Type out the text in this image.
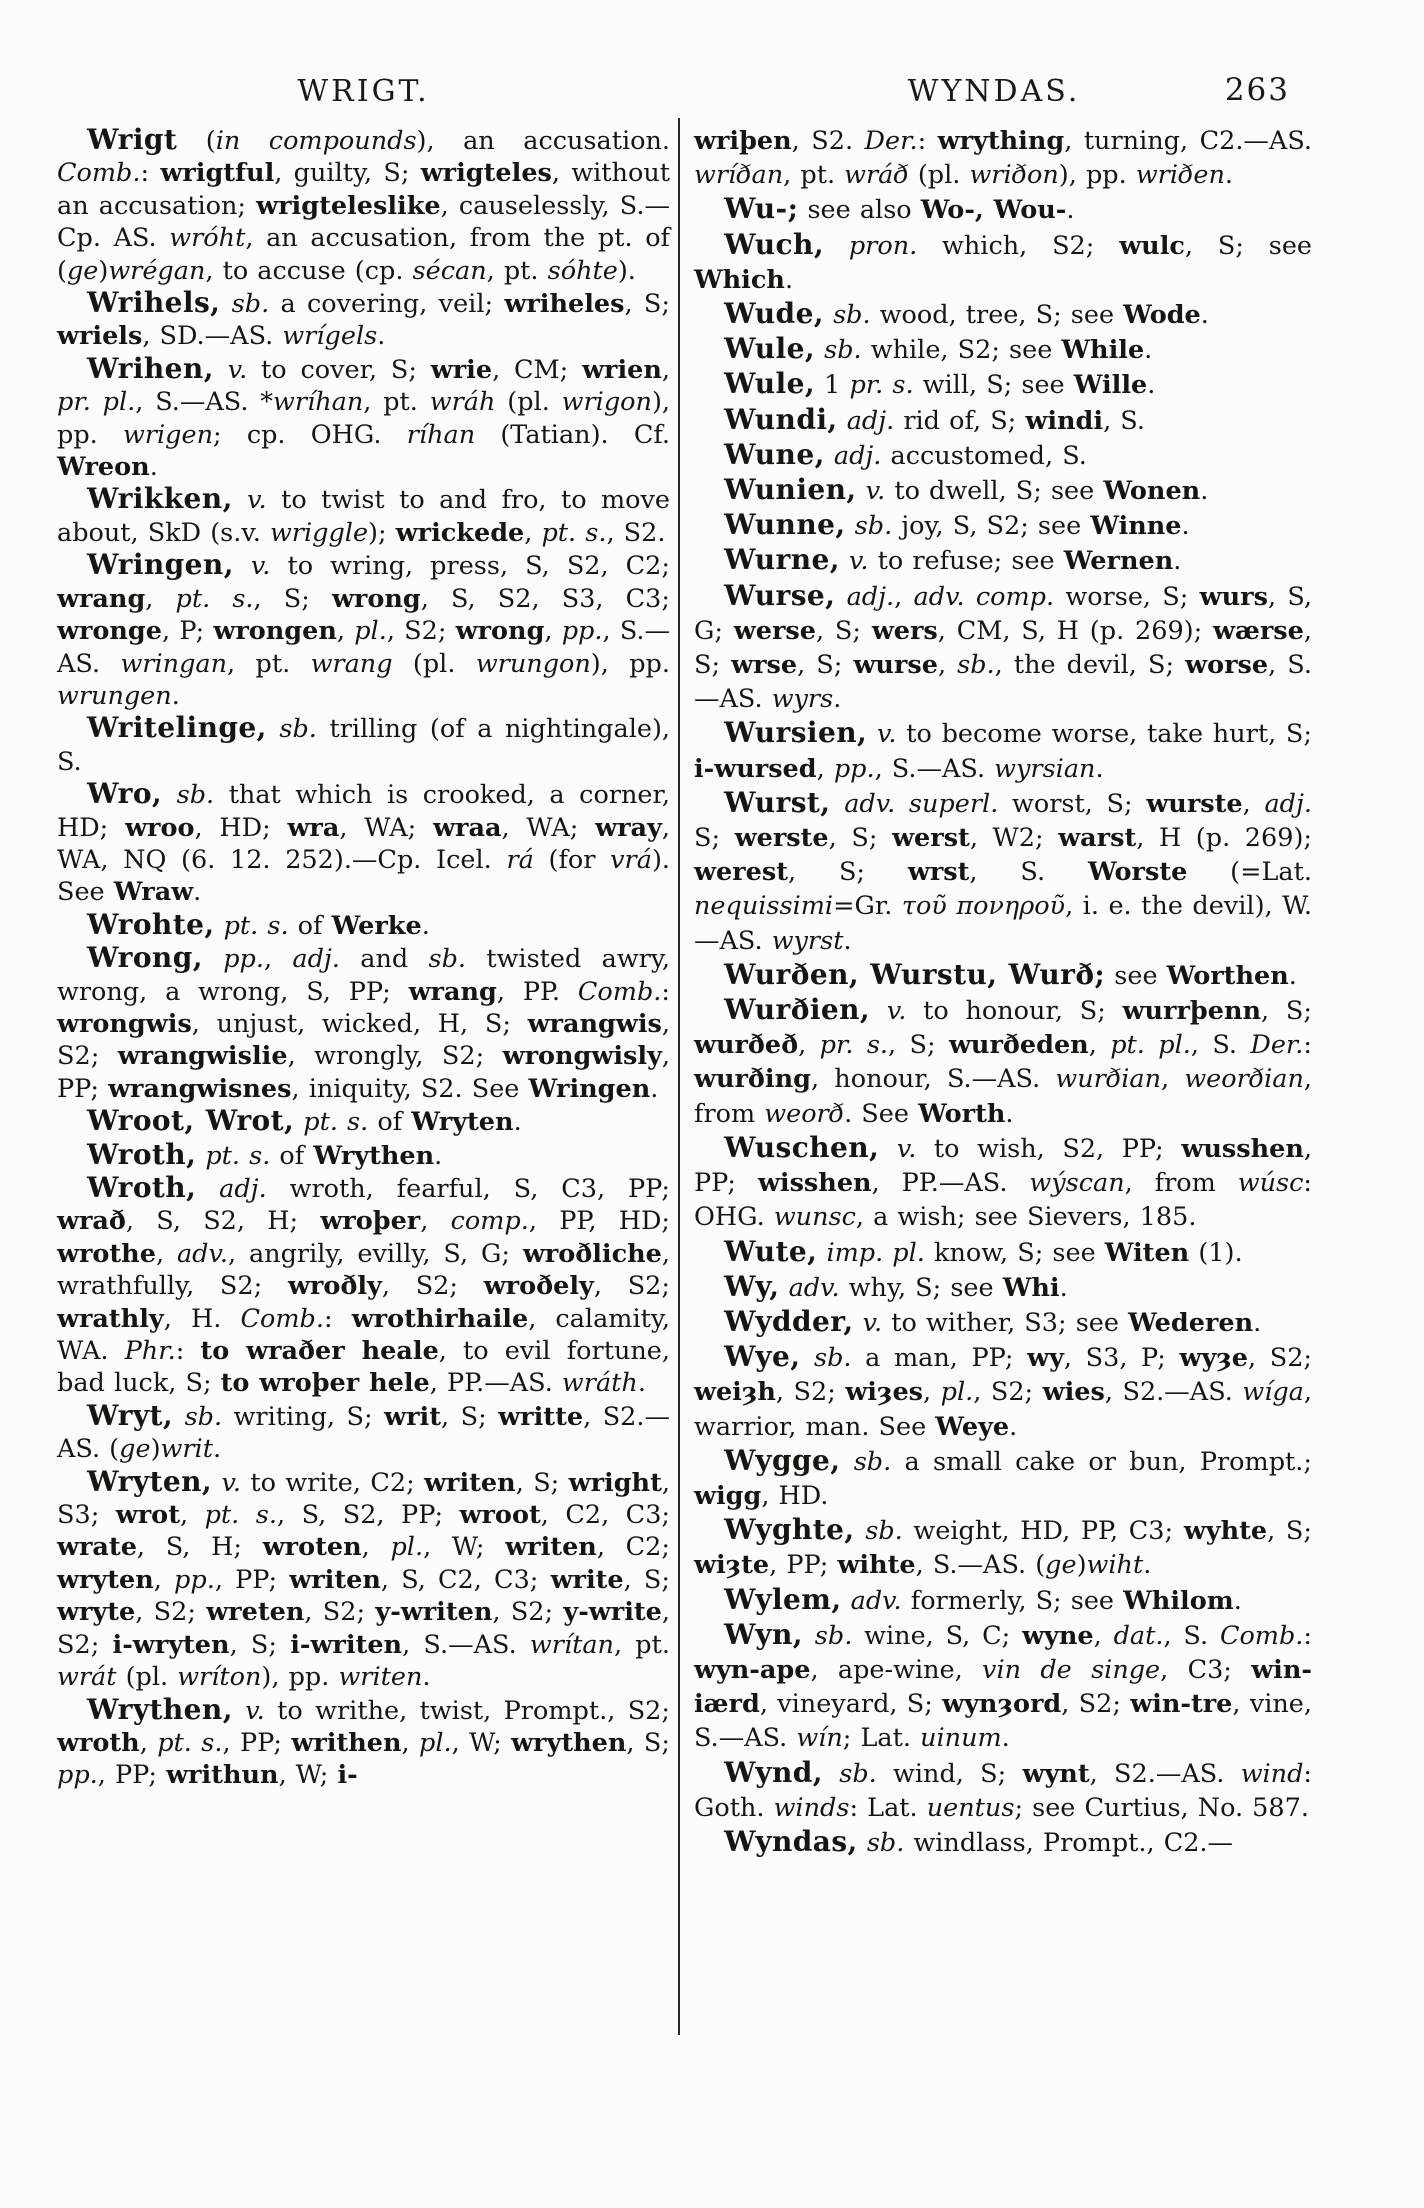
WRIGT.	WYNDAS.	263

Wrigt (in compounds), an accusation. Comb.: wrigtful, guilty, S; wrigteles, without an accusation; wrigteleslike, causelessly, S.—Cp. AS. wróht, an accusation, from the pt. of (ge)wrégan, to accuse (cp. sécan, pt. sóhte).

Wrihels, sb. a covering, veil; wriheles, S; wriels, SD.—AS. wrígels.

Wrihen, v. to cover, S; wrie, CM; wrien, pr. pl., S.—AS. *wríhan, pt. wráh (pl. wrigon), pp. wrigen; cp. OHG. ríhan (Tatian). Cf. Wreon.

Wrikken, v. to twist to and fro, to move about, SkD (s.v. wriggle); wrickede, pt. s., S2.

Wringen, v. to wring, press, S, S2, C2; wrang, pt. s., S; wrong, S, S2, S3, C3; wronge, P; wrongen, pl., S2; wrong, pp., S.—AS. wringan, pt. wrang (pl. wrungon), pp. wrungen.

Writelinge, sb. trilling (of a nightingale), S.

Wro, sb. that which is crooked, a corner, HD; wroo, HD; wra, WA; wraa, WA; wray, WA, NQ (6. 12. 252).—Cp. Icel. rá (for vrá). See Wraw.

Wrohte, pt. s. of Werke.

Wrong, pp., adj. and sb. twisted awry, wrong, a wrong, S, PP; wrang, PP. Comb.: wrongwis, unjust, wicked, H, S; wrangwis, S2; wrangwislie, wrongly, S2; wrongwisly, PP; wrangwisnes, iniquity, S2. See Wringen.

Wroot, Wrot, pt. s. of Wryten.

Wroth, pt. s. of Wrythen.

Wroth, adj. wroth, fearful, S, C3, PP; wrað, S, S2, H; wroþer, comp., PP, HD; wrothe, adv., angrily, evilly, S, G; wroðliche, wrathfully, S2; wroðly, S2; wroðely, S2; wrathly, H. Comb.: wrothirhaile, calamity, WA. Phr.: to wraðer heale, to evil fortune, bad luck, S; to wroþer hele, PP.—AS. wráth.

Wryt, sb. writing, S; writ, S; writte, S2.—AS. (ge)writ.

Wryten, v. to write, C2; writen, S; wright, S3; wrot, pt. s., S, S2, PP; wroot, C2, C3; wrate, S, H; wroten, pl., W; writen, C2; wryten, pp., PP; writen, S, C2, C3; write, S; wryte, S2; wreten, S2; y-writen, S2; y-write, S2; i-wryten, S; i-writen, S.—AS. wrítan, pt. wrát (pl. wríton), pp. writen.

Wrythen, v. to writhe, twist, Prompt., S2; wroth, pt. s., PP; writhen, pl., W; wrythen, S; pp., PP; writhun, W; i-

wriþen, S2. Der.: wrything, turning, C2.—AS. wríðan, pt. wráð (pl. wriðon), pp. wriðen.

Wu-; see also Wo-, Wou-.

Wuch, pron. which, S2; wulc, S; see Which.

Wude, sb. wood, tree, S; see Wode.

Wule, sb. while, S2; see While.

Wule, 1 pr. s. will, S; see Wille.

Wundi, adj. rid of, S; windi, S.

Wune, adj. accustomed, S.

Wunien, v. to dwell, S; see Wonen.

Wunne, sb. joy, S, S2; see Winne.

Wurne, v. to refuse; see Wernen.

Wurse, adj., adv. comp. worse, S; wurs, S, G; werse, S; wers, CM, S, H (p. 269); wærse, S; wrse, S; wurse, sb., the devil, S; worse, S.—AS. wyrs.

Wursien, v. to become worse, take hurt, S; i-wursed, pp., S.—AS. wyrsian.

Wurst, adv. superl. worst, S; wurste, adj. S; werste, S; werst, W2; warst, H (p. 269); werest, S; wrst, S. Worste (=Lat. nequissimi=Gr. τοῦ πονηροῦ, i. e. the devil), W.—AS. wyrst.

Wurðen, Wurstu, Wurð; see Worthen.

Wurðien, v. to honour, S; wurrþenn, S; wurðeð, pr. s., S; wurðeden, pt. pl., S. Der.: wurðing, honour, S.—AS. wurðian, weorðian, from weorð. See Worth.

Wuschen, v. to wish, S2, PP; wusshen, PP; wisshen, PP.—AS. wýscan, from wúsc: OHG. wunsc, a wish; see Sievers, 185.

Wute, imp. pl. know, S; see Witen (1).

Wy, adv. why, S; see Whi.

Wydder, v. to wither, S3; see Wederen.

Wye, sb. a man, PP; wy, S3, P; wyȝe, S2; weiȝh, S2; wiȝes, pl., S2; wies, S2.—AS. wíga, warrior, man. See Weye.

Wygge, sb. a small cake or bun, Prompt.; wigg, HD.

Wyghte, sb. weight, HD, PP, C3; wyhte, S; wiȝte, PP; wihte, S.—AS. (ge)wiht.

Wylem, adv. formerly, S; see Whilom.

Wyn, sb. wine, S, C; wyne, dat., S. Comb.: wyn-ape, ape-wine, vin de singe, C3; win-iærd, vineyard, S; wynȝord, S2; win-tre, vine, S.—AS. wín; Lat. uinum.

Wynd, sb. wind, S; wynt, S2.—AS. wind: Goth. winds: Lat. uentus; see Curtius, No. 587.

Wyndas, sb. windlass, Prompt., C2.—
